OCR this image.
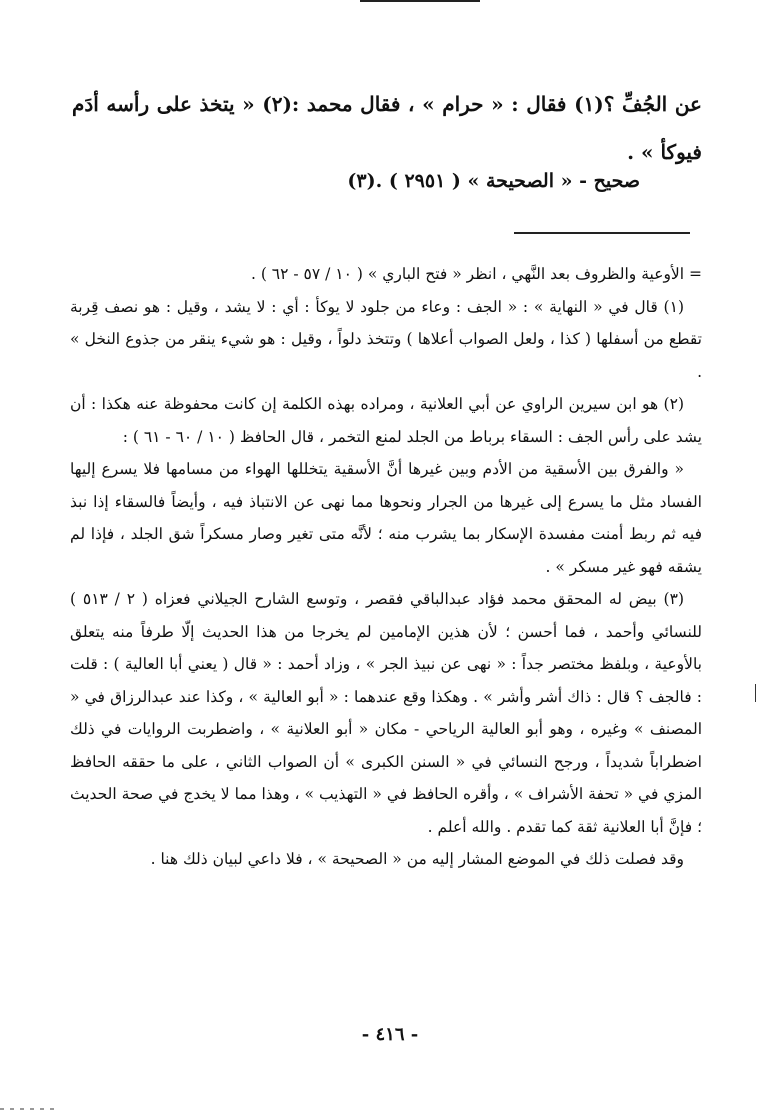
عن الجُفِّ ؟(١) فقال : « حرام » ، فقال محمد :(٢) « يتخذ على رأسه أدَم فيوكأ » .

صحيح - « الصحيحة » ( ٢٩٥١ ) .(٣)

= الأوعية والظروف بعد النَّهي ، انظر « فتح الباري » ( ١٠ / ٥٧ - ٦٢ ) .

(١) قال في « النهاية » : « الجف : وعاء من جلود لا يوكأ : أي : لا يشد ، وقيل : هو نصف قِربة تقطع من أسفلها ( كذا ، ولعل الصواب أعلاها ) وتتخذ دلواً ، وقيل : هو شيء ينقر من جذوع النخل » .

(٢) هو ابن سيرين الراوي عن أبي العلانية ، ومراده بهذه الكلمة إن كانت محفوظة عنه هكذا : أن يشد على رأس الجف : السقاء برباط من الجلد لمنع التخمر ، قال الحافظ ( ١٠ / ٦٠ - ٦١ ) :

« والفرق بين الأسقية من الأدم وبين غيرها أنَّ الأسقية يتخللها الهواء من مسامها فلا يسرع إليها الفساد مثل ما يسرع إلى غيرها من الجرار ونحوها مما نهى عن الانتباذ فيه ، وأيضاً فالسقاء إذا نبذ فيه ثم ربط أمنت مفسدة الإسكار بما يشرب منه ؛ لأنَّه متى تغير وصار مسكراً شق الجلد ، فإذا لم يشقه فهو غير مسكر » .

(٣) بيض له المحقق محمد فؤاد عبدالباقي فقصر ، وتوسع الشارح الجيلاني فعزاه ( ٢ / ٥١٣ ) للنسائي وأحمد ، فما أحسن ؛ لأن هذين الإمامين لم يخرجا من هذا الحديث إلّا طرفاً منه يتعلق بالأوعية ، وبلفظ مختصر جداً : « نهى عن نبيذ الجر » ، وزاد أحمد : « قال ( يعني أبا العالية ) : قلت : فالجف ؟ قال : ذاك أشر وأشر » . وهكذا وقع عندهما : « أبو العالية » ، وكذا عند عبدالرزاق في « المصنف » وغيره ، وهو أبو العالية الرياحي - مكان « أبو العلانية » ، واضطربت الروايات في ذلك اضطراباً شديداً ، ورجح النسائي في « السنن الكبرى » أن الصواب الثاني ، على ما حققه الحافظ المزي في « تحفة الأشراف » ، وأقره الحافظ في « التهذيب » ، وهذا مما لا يخدج في صحة الحديث ؛ فإنَّ أبا العلانية ثقة كما تقدم . والله أعلم .

وقد فصلت ذلك في الموضع المشار إليه من « الصحيحة » ، فلا داعي لبيان ذلك هنا .

- ٤١٦ -
